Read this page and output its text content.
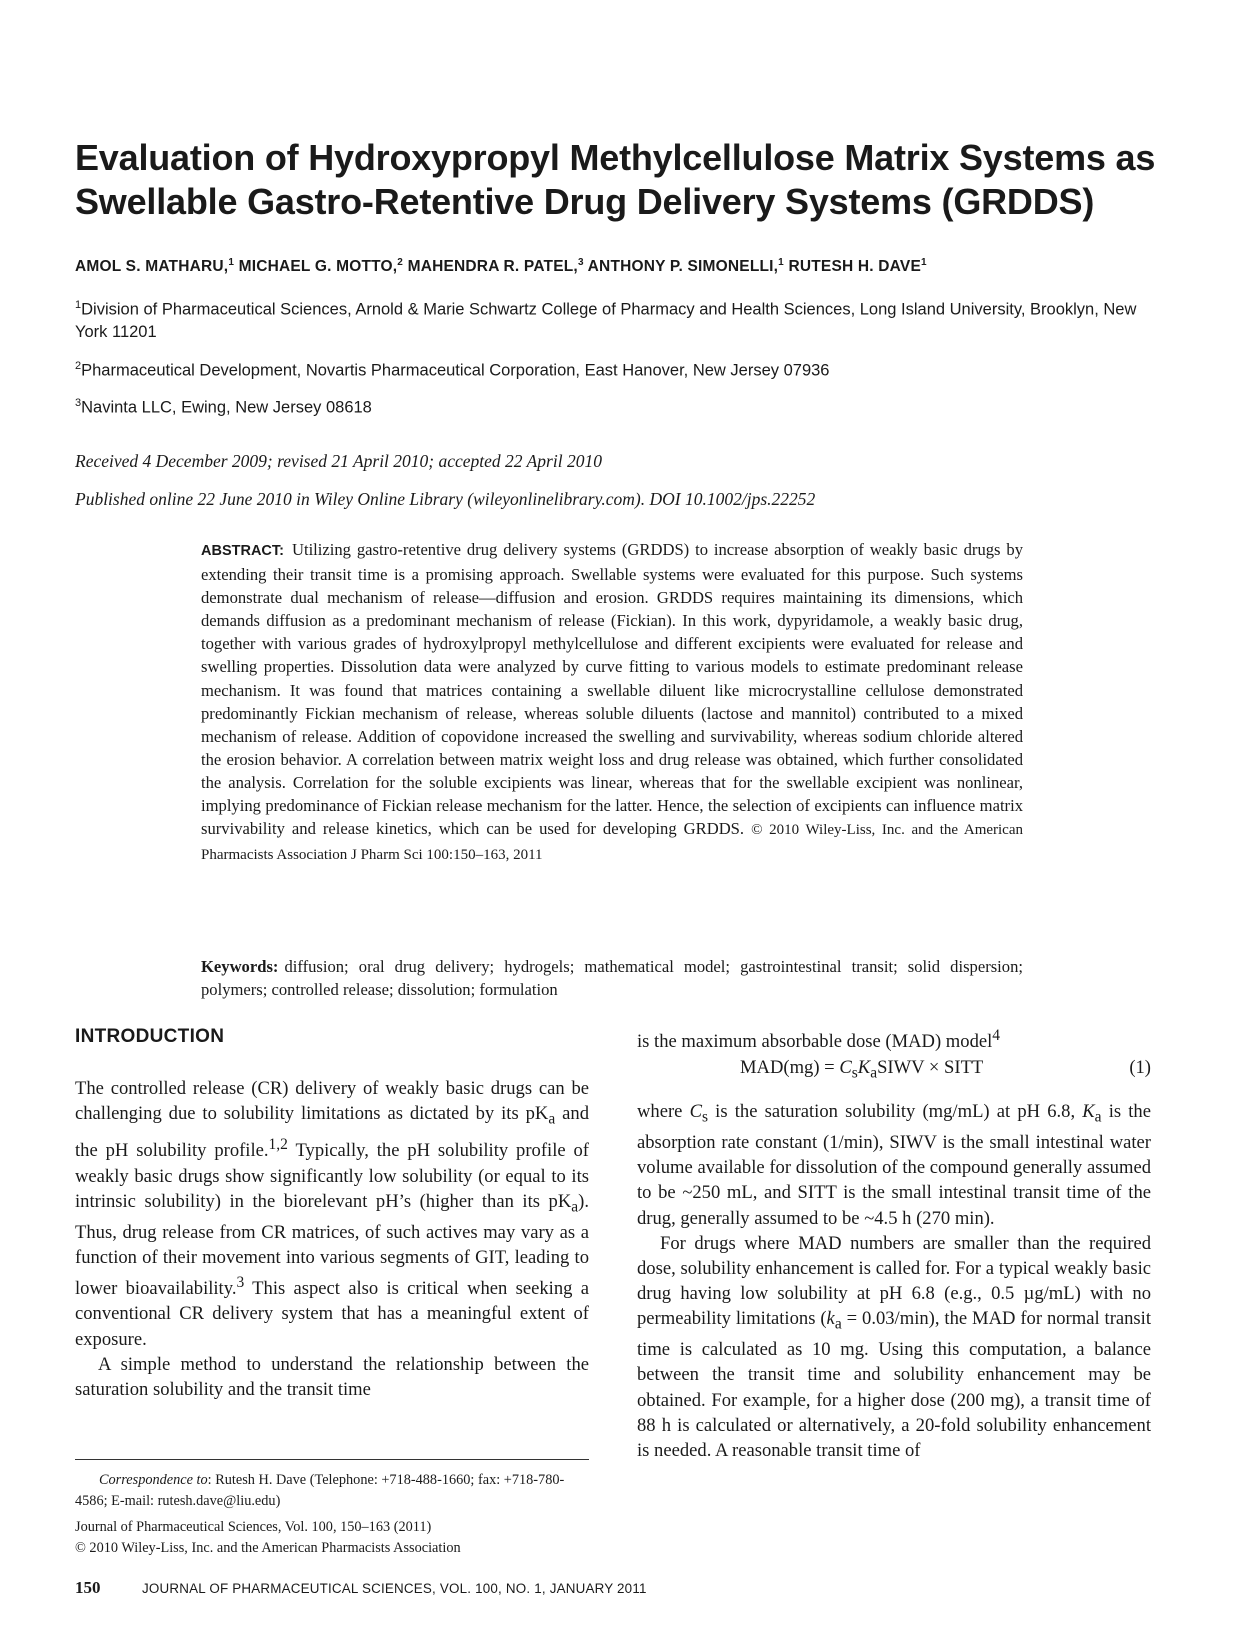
Evaluation of Hydroxypropyl Methylcellulose Matrix Systems as
Swellable Gastro-Retentive Drug Delivery Systems (GRDDS)
AMOL S. MATHARU,$^1$ MICHAEL G. MOTTO,$^2$ MAHENDRA R. PATEL,$^3$ ANTHONY P. SIMONELLI,$^1$ RUTESH H. DAVE$^1$
$^1$Division of Pharmaceutical Sciences, Arnold & Marie Schwartz College of Pharmacy and Health Sciences, Long Island University, Brooklyn, New York 11201
$^2$Pharmaceutical Development, Novartis Pharmaceutical Corporation, East Hanover, New Jersey 07936
$^3$Navinta LLC, Ewing, New Jersey 08618
Received 4 December 2009; revised 21 April 2010; accepted 22 April 2010
Published online 22 June 2010 in Wiley Online Library (wileyonlinelibrary.com). DOI 10.1002/jps.22252
ABSTRACT: Utilizing gastro-retentive drug delivery systems (GRDDS) to increase absorption of weakly basic drugs by extending their transit time is a promising approach. Swellable systems were evaluated for this purpose. Such systems demonstrate dual mechanism of release—diffusion and erosion. GRDDS requires maintaining its dimensions, which demands diffusion as a predominant mechanism of release (Fickian). In this work, dypyridamole, a weakly basic drug, together with various grades of hydroxylpropyl methylcellulose and different excipients were evaluated for release and swelling properties. Dissolution data were analyzed by curve fitting to various models to estimate predominant release mechanism. It was found that matrices containing a swellable diluent like microcrystalline cellulose demonstrated predominantly Fickian mechanism of release, whereas soluble diluents (lactose and mannitol) contributed to a mixed mechanism of release. Addition of copovidone increased the swelling and survivability, whereas sodium chloride altered the erosion behavior. A correlation between matrix weight loss and drug release was obtained, which further consolidated the analysis. Correlation for the soluble excipients was linear, whereas that for the swellable excipient was nonlinear, implying predominance of Fickian release mechanism for the latter. Hence, the selection of excipients can influence matrix survivability and release kinetics, which can be used for developing GRDDS. © 2010 Wiley-Liss, Inc. and the American Pharmacists Association J Pharm Sci 100:150–163, 2011
Keywords: diffusion; oral drug delivery; hydrogels; mathematical model; gastrointestinal transit; solid dispersion; polymers; controlled release; dissolution; formulation
INTRODUCTION

The controlled release (CR) delivery of weakly basic drugs can be challenging due to solubility limitations as dictated by its $pK_a$ and the pH solubility profile.$^{1,2}$ Typically, the pH solubility profile of weakly basic drugs show significantly low solubility (or equal to its intrinsic solubility) in the biorelevant pH’s (higher than its $pK_a$). Thus, drug release from CR matrices, of such actives may vary as a function of their movement into various segments of GIT, leading to lower bioavailability.$^3$ This aspect also is critical when seeking a conventional CR delivery system that has a meaningful extent of exposure.

A simple method to understand the relationship between the saturation solubility and the transit time

is the maximum absorbable dose (MAD) model$^4$
$MAD(mg) = C_sK_aSIWV$ × SITT	(1)

where $C_s$ is the saturation solubility (mg/mL) at pH 6.8, $K_a$ is the absorption rate constant (1/min), SIWV is the small intestinal water volume available for dissolution of the compound generally assumed to be ~250 mL, and SITT is the small intestinal transit time of the drug, generally assumed to be ~4.5 h (270 min).

For drugs where MAD numbers are smaller than the required dose, solubility enhancement is called for. For a typical weakly basic drug having low solubility at pH 6.8 (e.g., 0.5 µg/mL) with no permeability limitations $(k_a = 0.03/\min)$, the MAD for normal transit time is calculated as 10 mg. Using this computation, a balance between the transit time and solubility enhancement may be obtained. For example, for a higher dose (200 mg), a transit time of 88 h is calculated or alternatively, a 20-fold solubility enhancement is needed. A reasonable transit time of

Correspondence to: Rutesh H. Dave (Telephone: +718-488-1660; fax: +718-780-4586; E-mail: rutesh.dave@liu.edu)
Journal of Pharmaceutical Sciences, Vol. 100, 150–163 (2011)
© 2010 Wiley-Liss, Inc. and the American Pharmacists Association
150	JOURNAL OF PHARMACEUTICAL SCIENCES, VOL. 100, NO. 1, JANUARY 2011
